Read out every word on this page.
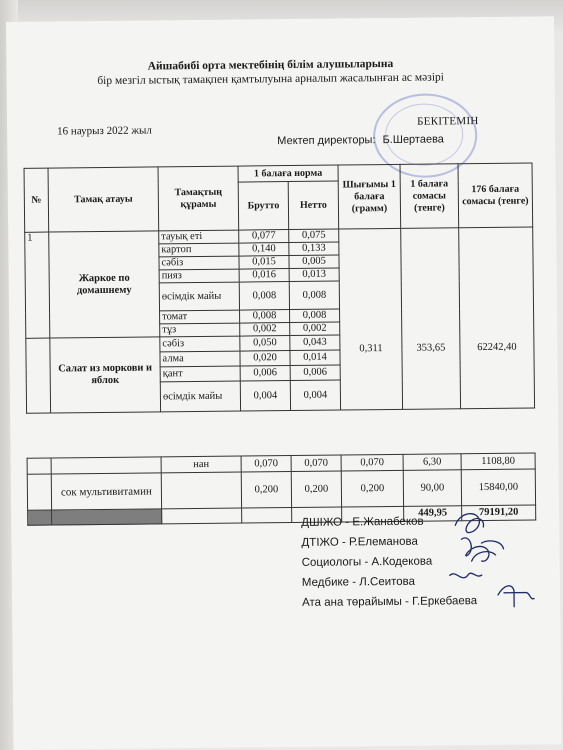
Айшабибі орта мектебінің білім алушыларына
бір мезгіл ыстық тамақпен қамтылуына арналып жасалынған ас мәзірі
16 наурыз 2022 жыл
БЕКІТЕМІН
Мектеп директоры: Б.Шертаева
№	Тамақ атауы	Тамақтың құрамы	1 балаға норма		Шығымы 1 балаға (грамм)	1 балаға сомасы (тенге)	176 балаға сомасы (тенге)
			Брутто	Нетто			
1	Жаркое по домашнему	тауық еті	0,077	0,075	0,311	353,65	62242,40
		картоп	0,140	0,133			
		сәбіз	0,015	0,005			
		пияз	0,016	0,013			
		өсімдік майы	0,008	0,008			
		томат	0,008	0,008			
		тұз	0,002	0,002			
	Салат из моркови и яблок	сәбіз	0,050	0,043			
		алма	0,020	0,014			
		қант	0,006	0,006			
		өсімдік майы	0,004	0,004			
		нан	0,070	0,070	0,070	6,30	1108,80
	сок мультивитамин		0,200	0,200	0,200	90,00	15840,00
						449,95	79191,20
ДШІЖО - Е.Жанабеков
ДТІЖО - Р.Елеманова
Социологы - А.Кодекова
Медбике - Л.Сеитова
Ата ана төрайымы - Г.Еркебаева
